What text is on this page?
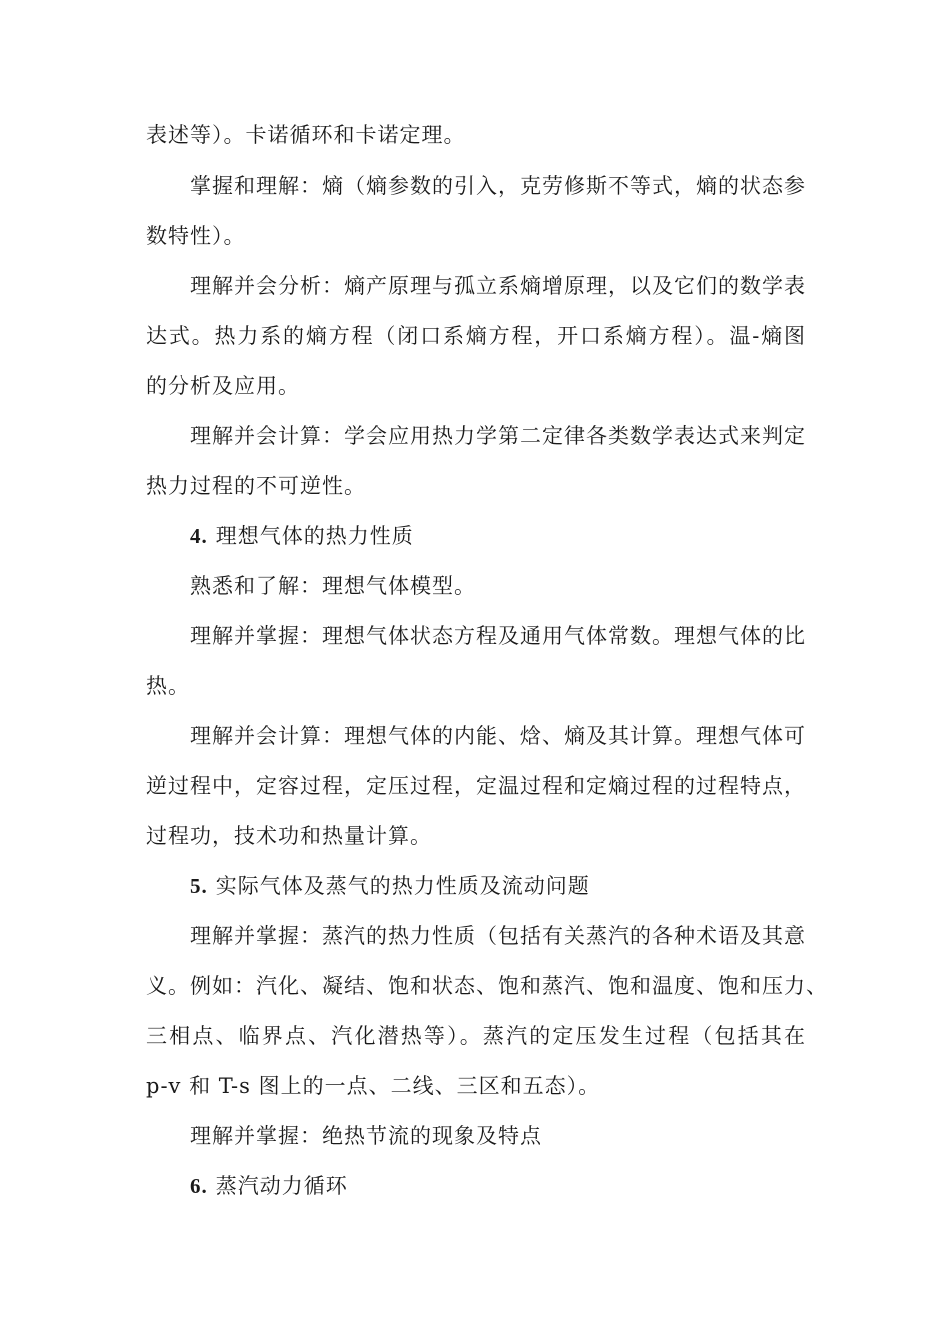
表述等）。卡诺循环和卡诺定理。
掌握和理解：熵（熵参数的引入，克劳修斯不等式，熵的状态参
数特性）。
理解并会分析：熵产原理与孤立系熵增原理，以及它们的数学表
达式。热力系的熵方程（闭口系熵方程，开口系熵方程）。温-熵图
的分析及应用。
理解并会计算：学会应用热力学第二定律各类数学表达式来判定
热力过程的不可逆性。
4. 理想气体的热力性质
熟悉和了解：理想气体模型。
理解并掌握：理想气体状态方程及通用气体常数。理想气体的比
热。
理解并会计算：理想气体的内能、焓、熵及其计算。理想气体可
逆过程中，定容过程，定压过程，定温过程和定熵过程的过程特点，
过程功，技术功和热量计算。
5. 实际气体及蒸气的热力性质及流动问题
理解并掌握：蒸汽的热力性质（包括有关蒸汽的各种术语及其意
义。例如：汽化、凝结、饱和状态、饱和蒸汽、饱和温度、饱和压力、
三相点、临界点、汽化潜热等）。蒸汽的定压发生过程（包括其在
p-v 和 T-s 图上的一点、二线、三区和五态）。
理解并掌握：绝热节流的现象及特点
6. 蒸汽动力循环
